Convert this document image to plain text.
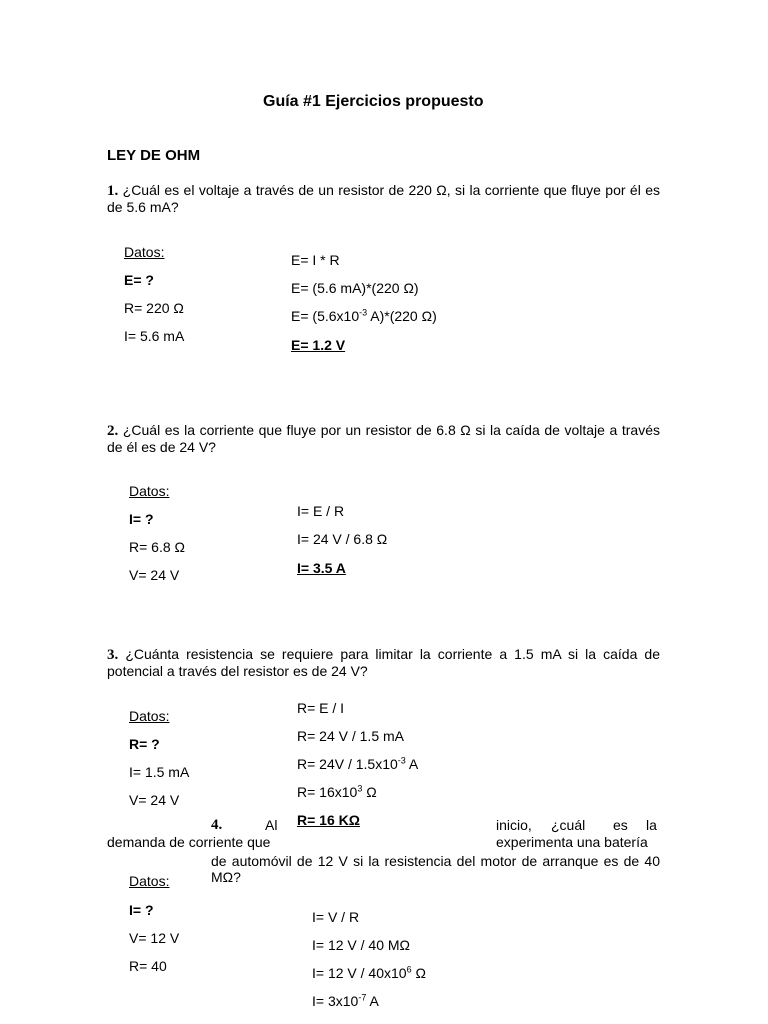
Guía #1 Ejercicios propuesto
LEY DE OHM
1. ¿Cuál es el voltaje a través de un resistor de 220 Ω, si la corriente que fluye por él es de 5.6 mA?
Datos:
E= ?
R= 220 Ω
I= 5.6 mA
E= I * R
E= (5.6 mA)*(220 Ω)
$E= (5.6x10^{-3}$ A)*(220 Ω)
E= 1.2 V
2. ¿Cuál es la corriente que fluye por un resistor de 6.8 Ω si la caída de voltaje a través de él es de 24 V?
Datos:
I= ?
R= 6.8 Ω
V= 24 V
I= E / R
I= 24 V / 6.8 Ω
I= 3.5 A
3. ¿Cuánta resistencia se requiere para limitar la corriente a 1.5 mA si la caída de potencial a través del resistor es de 24 V?
Datos:
R= ?
I= 1.5 mA
V= 24 V
R= E / I
R= 24 V / 1.5 mA
$R= 24V / 1.5x10^{-3}$ A
$R= 16x10^3$ Ω
R= 16 KΩ
4.	Al	inicio, ¿cuál es la
demanda de corriente que	experimenta una batería
de automóvil de 12 V si la resistencia del motor de arranque es de 40
MΩ?
Datos:
I= ?
V= 12 V
R= 40
I= V / R
I= 12 V / 40 MΩ
I= 12 V / $40x10^6$ Ω
$I= 3x10^{-7}$ A
